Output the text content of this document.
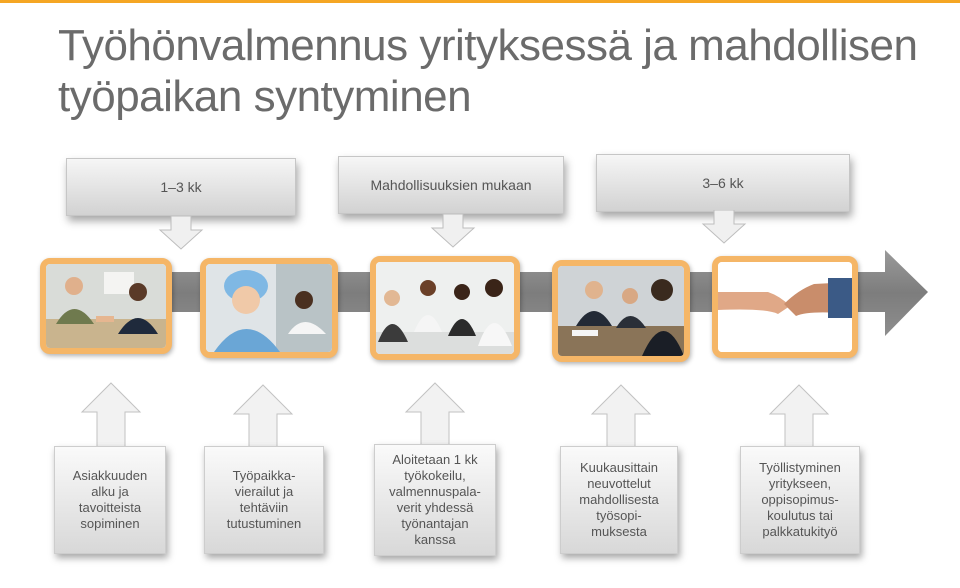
Työhönvalmennus yrityksessä ja mahdollisen työpaikan syntyminen
1–3 kk	Mahdollisuuksien mukaan	3–6 kk
Asiakkuuden
alku ja
tavoitteista
sopiminen
Työpaikka-
vierailut ja
tehtäviin
tutustuminen
Aloitetaan 1 kk
työkokeilu,
valmennuspala-
verit yhdessä
työnantajan
kanssa
Kuukausittain
neuvottelut
mahdollisesta
työsopi-
muksesta
Työllistyminen
yritykseen,
oppisopimus-
koulutus tai
palkkatukityö
